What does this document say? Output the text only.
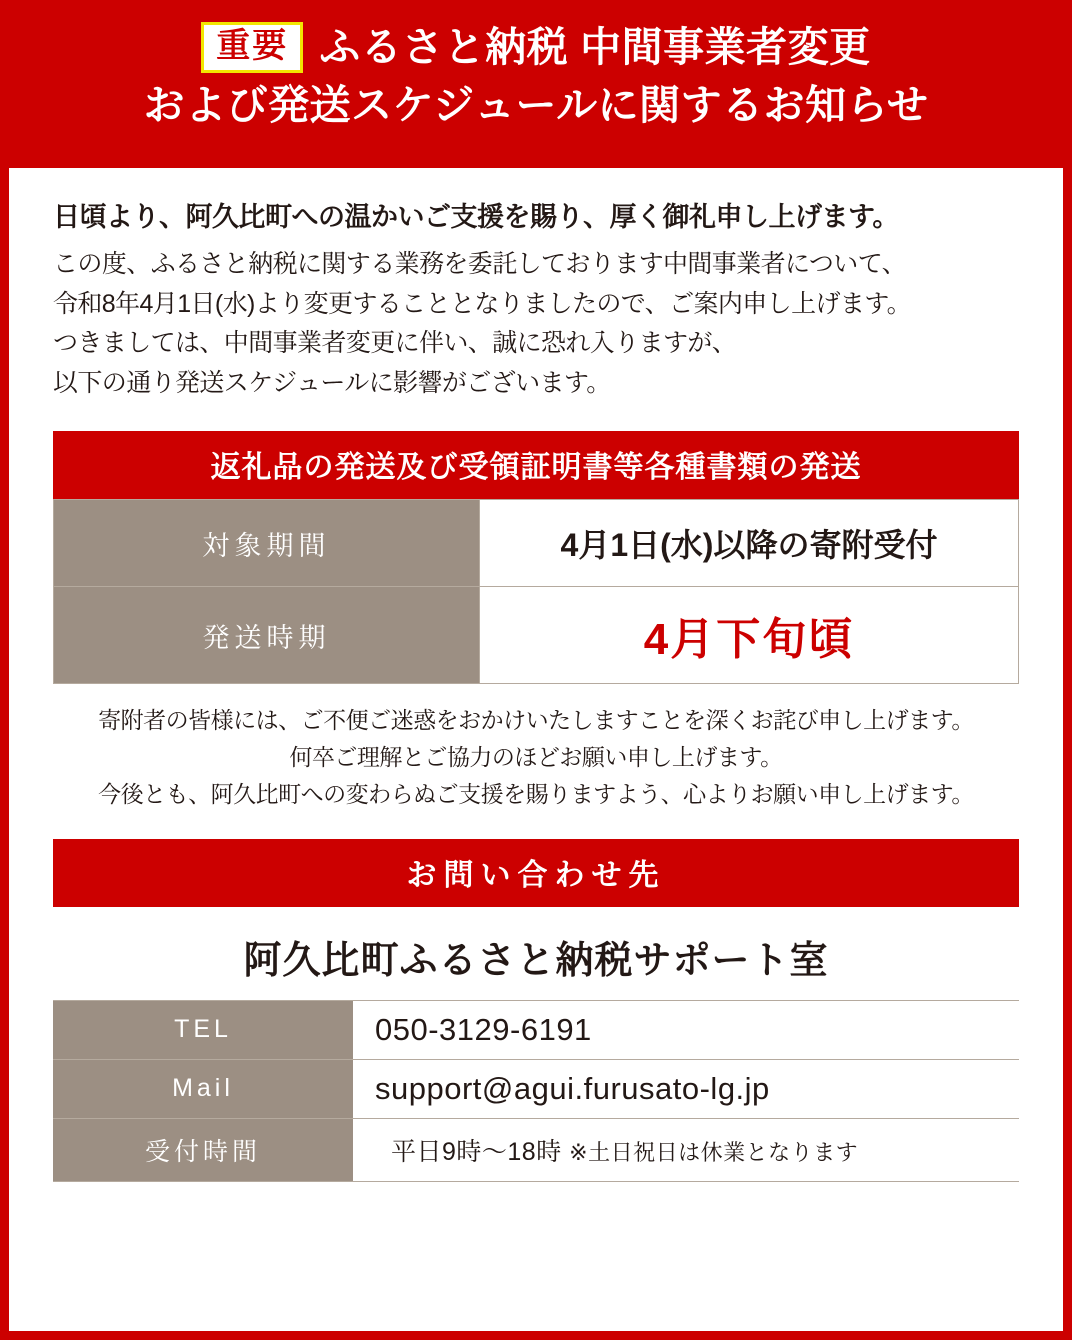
重要 ふるさと納税 中間事業者変更
および発送スケジュールに関するお知らせ

日頃より、阿久比町への温かいご支援を賜り、厚く御礼申し上げます。

この度、ふるさと納税に関する業務を委託しております中間事業者について、

令和8年4月1日(水)より変更することとなりましたので、ご案内申し上げます。

つきましては、中間事業者変更に伴い、誠に恐れ入りますが、

以下の通り発送スケジュールに影響がございます。

返礼品の発送及び受領証明書等各種書類の発送
対象期間	4月1日(水)以降の寄附受付
発送時期	4月下旬頃

寄附者の皆様には、ご不便ご迷惑をおかけいたしますことを深くお詫び申し上げます。

何卒ご理解とご協力のほどお願い申し上げます。

今後とも、阿久比町への変わらぬご支援を賜りますよう、心よりお願い申し上げます。

お問い合わせ先
阿久比町ふるさと納税サポート室
TEL	050-3129-6191
Mail	support@agui.furusato-lg.jp
受付時間	平日9時〜18時 ※土日祝日は休業となります
